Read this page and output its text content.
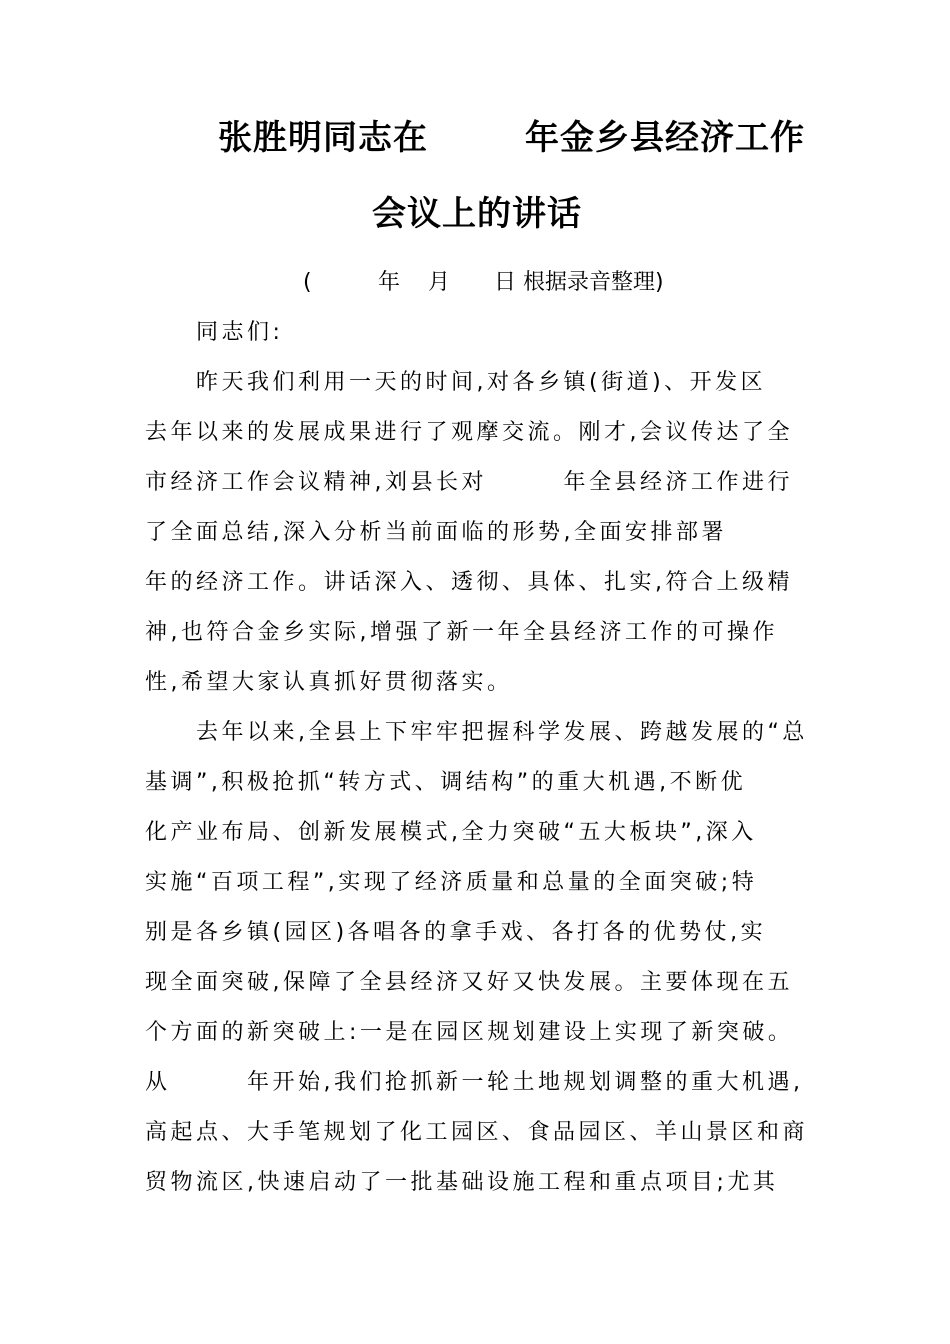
张胜明同志在	年金乡县经济工作
会议上的讲话
(	年 月 日 根据录音整理)
同志们:
昨天我们利用一天的时间,对各乡镇(街道)、开发区
去年以来的发展成果进行了观摩交流。刚才,会议传达了全
市经济工作会议精神,刘县长对　　　年全县经济工作进行
了全面总结,深入分析当前面临的形势,全面安排部署
年的经济工作。讲话深入、透彻、具体、扎实,符合上级精
神,也符合金乡实际,增强了新一年全县经济工作的可操作
性,希望大家认真抓好贯彻落实。
去年以来,全县上下牢牢把握科学发展、跨越发展的“总
基调”,积极抢抓“转方式、调结构”的重大机遇,不断优
化产业布局、创新发展模式,全力突破“五大板块”,深入
实施“百项工程”,实现了经济质量和总量的全面突破;特
别是各乡镇(园区)各唱各的拿手戏、各打各的优势仗,实
现全面突破,保障了全县经济又好又快发展。主要体现在五
个方面的新突破上:一是在园区规划建设上实现了新突破。
从　　　年开始,我们抢抓新一轮土地规划调整的重大机遇,
高起点、大手笔规划了化工园区、食品园区、羊山景区和商
贸物流区,快速启动了一批基础设施工程和重点项目;尤其
